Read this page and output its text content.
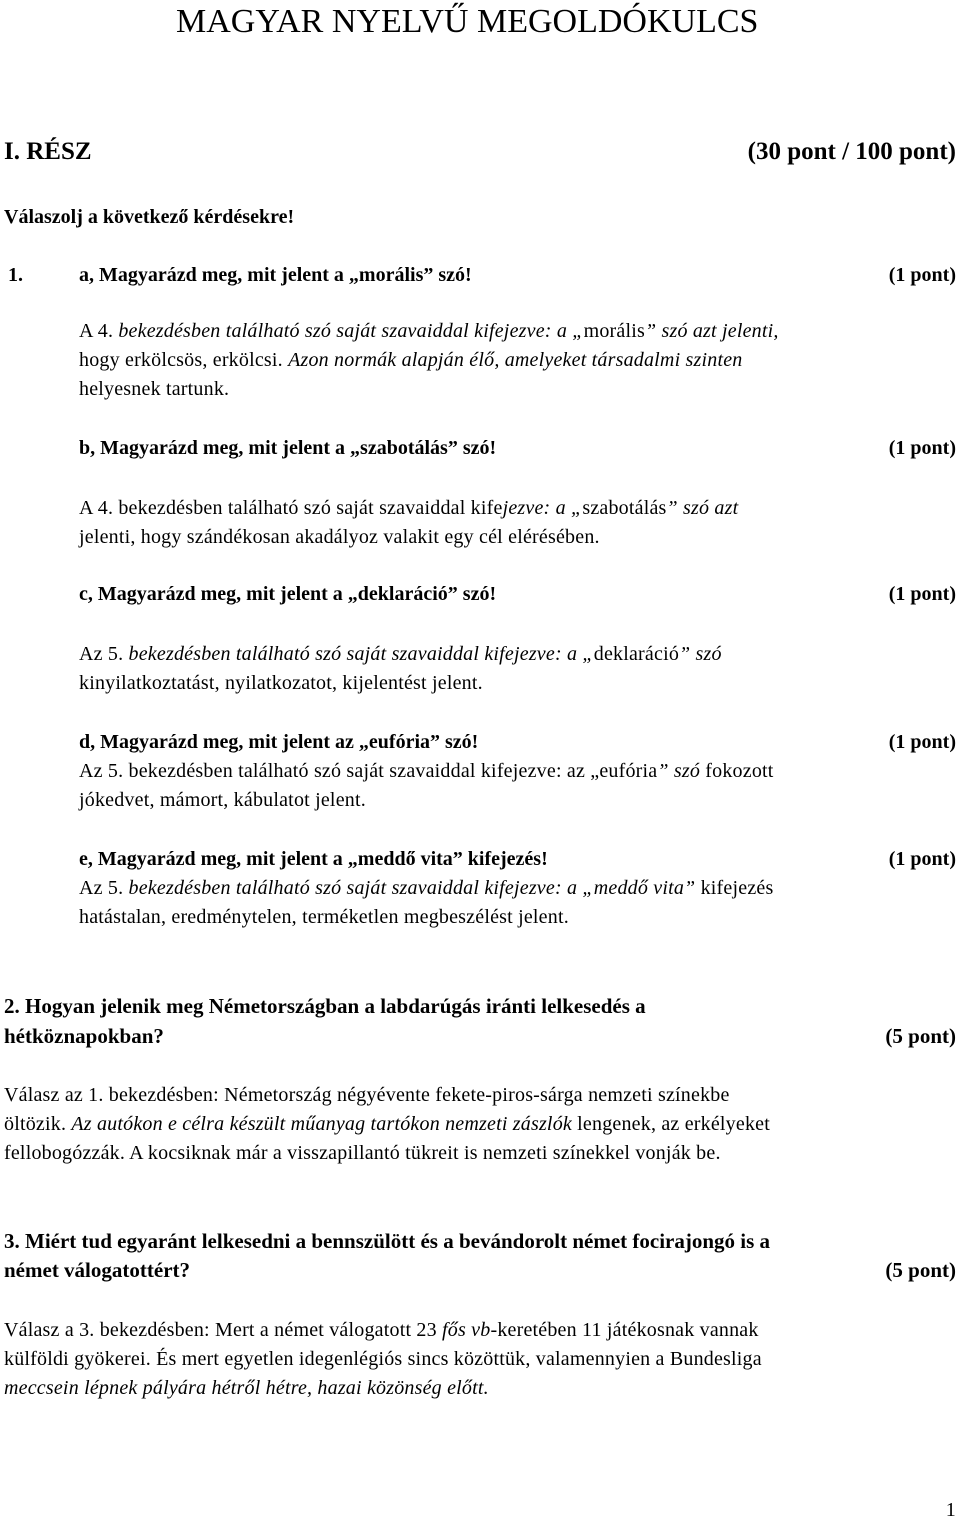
MAGYAR NYELVŰ MEGOLDÓKULCS
I. RÉSZ	(30 pont / 100 pont)
Válaszolj a következő kérdésekre!
1.	a, Magyarázd meg, mit jelent a „morális” szó!	(1 pont)
A 4. bekezdésben található szó saját szavaiddal kifejezve: a „morális” szó azt jelenti,
hogy erkölcsös, erkölcsi. Azon normák alapján élő, amelyeket társadalmi szinten
helyesnek tartunk.
b, Magyarázd meg, mit jelent a „szabotálás” szó!	(1 pont)
A 4. bekezdésben található szó saját szavaiddal kifejezve: a „szabotálás” szó azt
jelenti, hogy szándékosan akadályoz valakit egy cél elérésében.
c, Magyarázd meg, mit jelent a „deklaráció” szó!	(1 pont)
Az 5. bekezdésben található szó saját szavaiddal kifejezve: a „deklaráció” szó
kinyilatkoztatást, nyilatkozatot, kijelentést jelent.
d, Magyarázd meg, mit jelent az „eufória” szó!	(1 pont)
Az 5. bekezdésben található szó saját szavaiddal kifejezve: az „eufória” szó fokozott
jókedvet, mámort, kábulatot jelent.
e, Magyarázd meg, mit jelent a „meddő vita” kifejezés!	(1 pont)
Az 5. bekezdésben található szó saját szavaiddal kifejezve: a „meddő vita” kifejezés
hatástalan, eredménytelen, terméketlen megbeszélést jelent.
2. Hogyan jelenik meg Németországban a labdarúgás iránti lelkesedés a
hétköznapokban?	(5 pont)
Válasz az 1. bekezdésben: Németország négyévente fekete-piros-sárga nemzeti színekbe
öltözik. Az autókon e célra készült műanyag tartókon nemzeti zászlók lengenek, az erkélyeket
fellobogózzák. A kocsiknak már a visszapillantó tükreit is nemzeti színekkel vonják be.
3. Miért tud egyaránt lelkesedni a bennszülött és a bevándorolt német focirajongó is a
német válogatottért?	(5 pont)
Válasz a 3. bekezdésben: Mert a német válogatott 23 fős vb-keretében 11 játékosnak vannak
külföldi gyökerei. És mert egyetlen idegenlégiós sincs közöttük, valamennyien a Bundesliga
meccsein lépnek pályára hétről hétre, hazai közönség előtt.
1
